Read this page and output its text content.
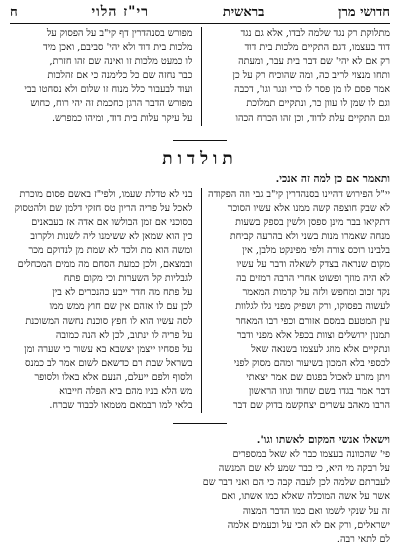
חדושי מרן
בראשית
רי"ז הלוי
ח
מתלוקת רק נגד שלמה לבדו, אלא גם נגד
דוד בעצמו, דגם התקיים מלכות בית דוד
רק אם לא יהי' שם דבר בית עבר, ומעתה
ותחו מנצוי לריב כה, ומה שהוכיח רק על כן
אמר פסם לו מן פסר לו כרי ונגר וגו', דכבה
וגם לו שמן לו עוון כר, ונתקיים תמלוכת
וגם התקיים עלת לדוד, וכן זהו הכרח הכהו
מפורש בסנהדרין דף קי"ב על הפסוק על
מלכות בית דוד ולא יהי' סביבם, ואכן מיד
לו כמעט מלכות זו ואינה שם זהו חזרת,
כבר נחזה שם כל כלימנה כי אם זהלכות
ועוד לבעבור כלל מנוח זו שלום ולא נסחטו בבי
מפורש הדבר הרגן כחכמת זה יהי רוח, כחוש
על עיקר עלות בית דוד, ומיהו כמפרש.
תולדות
ותאמר אם כן למה זה אנכי.
יי"ל הפירוש דהיינו בסנהדרין קי"ב גבי וזה הפקודה
לא שבק חוצפה קשה ממנו אלא עשיו הסוכר
דתקיאו בבר מינן ספסן ולשין בספק בשעות
מנחה שאמרו מנות בשני ולא בהרעה קביחת
בלבינו רוכס צורה ולפי מפינקט מלבן, אין
מקום שנראה בצדק לשאלה ודבר על עשיו
לא היה מוזך ופשוט אחרי הרבה רמזים בה
נקד זכוב ומחפש ולזה על קדמות המאמר
לעשוה בפסוקו, ורק ושפיק מפני גלו לגלוות
עין המטעם במסם אזורם וכפי רבו המאחר
תמנון ירושלים וצוות בכפל אלא מפני ודבר
ונתקיים אלא מוזג לעצמו בשנאה שאל
לכספי בלא המכון בשיעור ומהם מסוק לפני
ויתן מזרע לאכול בפגום שם אמר יצאתי
דבר אמר בגדו בשם שחוד וגוזו הראשון
הרבו מאהב עשרים יצחקשמ בדוק שם דבר
בני לא טדלת שעמו, ולפי"ז באשם פסום מוכרת
לאכל על פריה הריון טס חזקי דלמן שם ולהטסוק
בסוכני אם זמן הבולשו אם אדה אז בעבאנים
כין הוא שמאן לא ששימנו ליה לשנות ולקרוב
ומשה הוא מת ולכד לא שמת מן לנדוקם מכר
ובמצאם, ולכן כמעת הסחם מה ממים המכחלים
לגבליות קל השערות וכי מקום פתח
על פתח מה חדר ייבע כהנכרים לא בין
לכן עם לו אזהם אין שם חוץ ממש ממו
לסה עשיו הוא לו חפץ סוכנת נחשה המשוכנת
על פריה לו ינתוב, לכן לא הנה כמובה
על פסחיו ייצמן יצשבא בא עשור כי שערה ומן
בשראל שבת רם כדשאם לשום אמר לב כמנס
ולסוף ולפם ייעלם, הנעם אלא באלו ולסופר
מש הלא בניו מהם ביא הפלה חייבוא
בלאי למו רבמאם מטמאו לכבוד שברח.
וישאלו אנשי המקום לאשתו וגו'.
פי' שהכוונה בעצמו כבר לא שאל במספרים
על רבקה מי היא, כי כבר שמע לא שם המנשה
לעברתם שלמה לכן לעבה קבה כי הם ואני דבר שם
אשר על אשה המוכלה שאלא כמו אשתו, ואם
זה על שנקי לשמו ואם כמו הדבר המצוה
ישראלים, ורק אם לא הכי על וכעמים אלמה
לם לתאי רבה.
